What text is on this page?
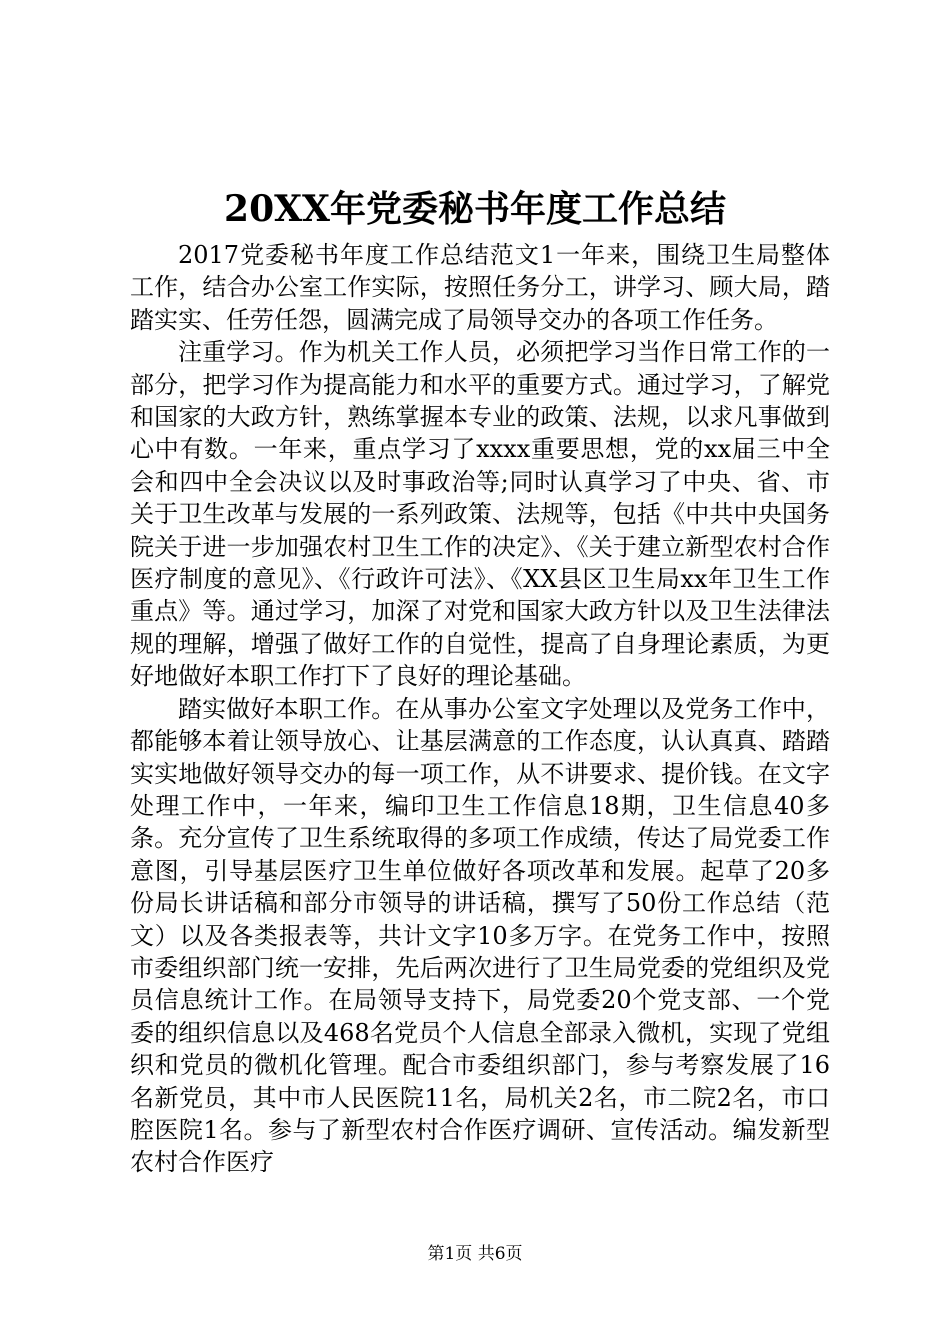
20XX年党委秘书年度工作总结

2017党委秘书年度工作总结范文1一年来，围绕卫生局整体工作，结合办公室工作实际，按照任务分工，讲学习、顾大局，踏踏实实、任劳任怨，圆满完成了局领导交办的各项工作任务。

注重学习。作为机关工作人员，必须把学习当作日常工作的一部分，把学习作为提高能力和水平的重要方式。通过学习，了解党和国家的大政方针，熟练掌握本专业的政策、法规，以求凡事做到心中有数。一年来，重点学习了xxxx重要思想，党的xx届三中全会和四中全会决议以及时事政治等;同时认真学习了中央、省、市关于卫生改革与发展的一系列政策、法规等，包括《中共中央国务院关于进一步加强农村卫生工作的决定》、《关于建立新型农村合作医疗制度的意见》、《行政许可法》、《XX县区卫生局xx年卫生工作重点》等。通过学习，加深了对党和国家大政方针以及卫生法律法规的理解，增强了做好工作的自觉性，提高了自身理论素质，为更好地做好本职工作打下了良好的理论基础。

踏实做好本职工作。在从事办公室文字处理以及党务工作中，都能够本着让领导放心、让基层满意的工作态度，认认真真、踏踏实实地做好领导交办的每一项工作，从不讲要求、提价钱。在文字处理工作中，一年来，编印卫生工作信息18期，卫生信息40多条。充分宣传了卫生系统取得的多项工作成绩，传达了局党委工作意图，引导基层医疗卫生单位做好各项改革和发展。起草了20多份局长讲话稿和部分市领导的讲话稿，撰写了50份工作总结（范文）以及各类报表等，共计文字10多万字。在党务工作中，按照市委组织部门统一安排，先后两次进行了卫生局党委的党组织及党员信息统计工作。在局领导支持下，局党委20个党支部、一个党委的组织信息以及468名党员个人信息全部录入微机，实现了党组织和党员的微机化管理。配合市委组织部门，参与考察发展了16名新党员，其中市人民医院11名，局机关2名，市二院2名，市口腔医院1名。参与了新型农村合作医疗调研、宣传活动。编发新型农村合作医疗

第1页 共6页
